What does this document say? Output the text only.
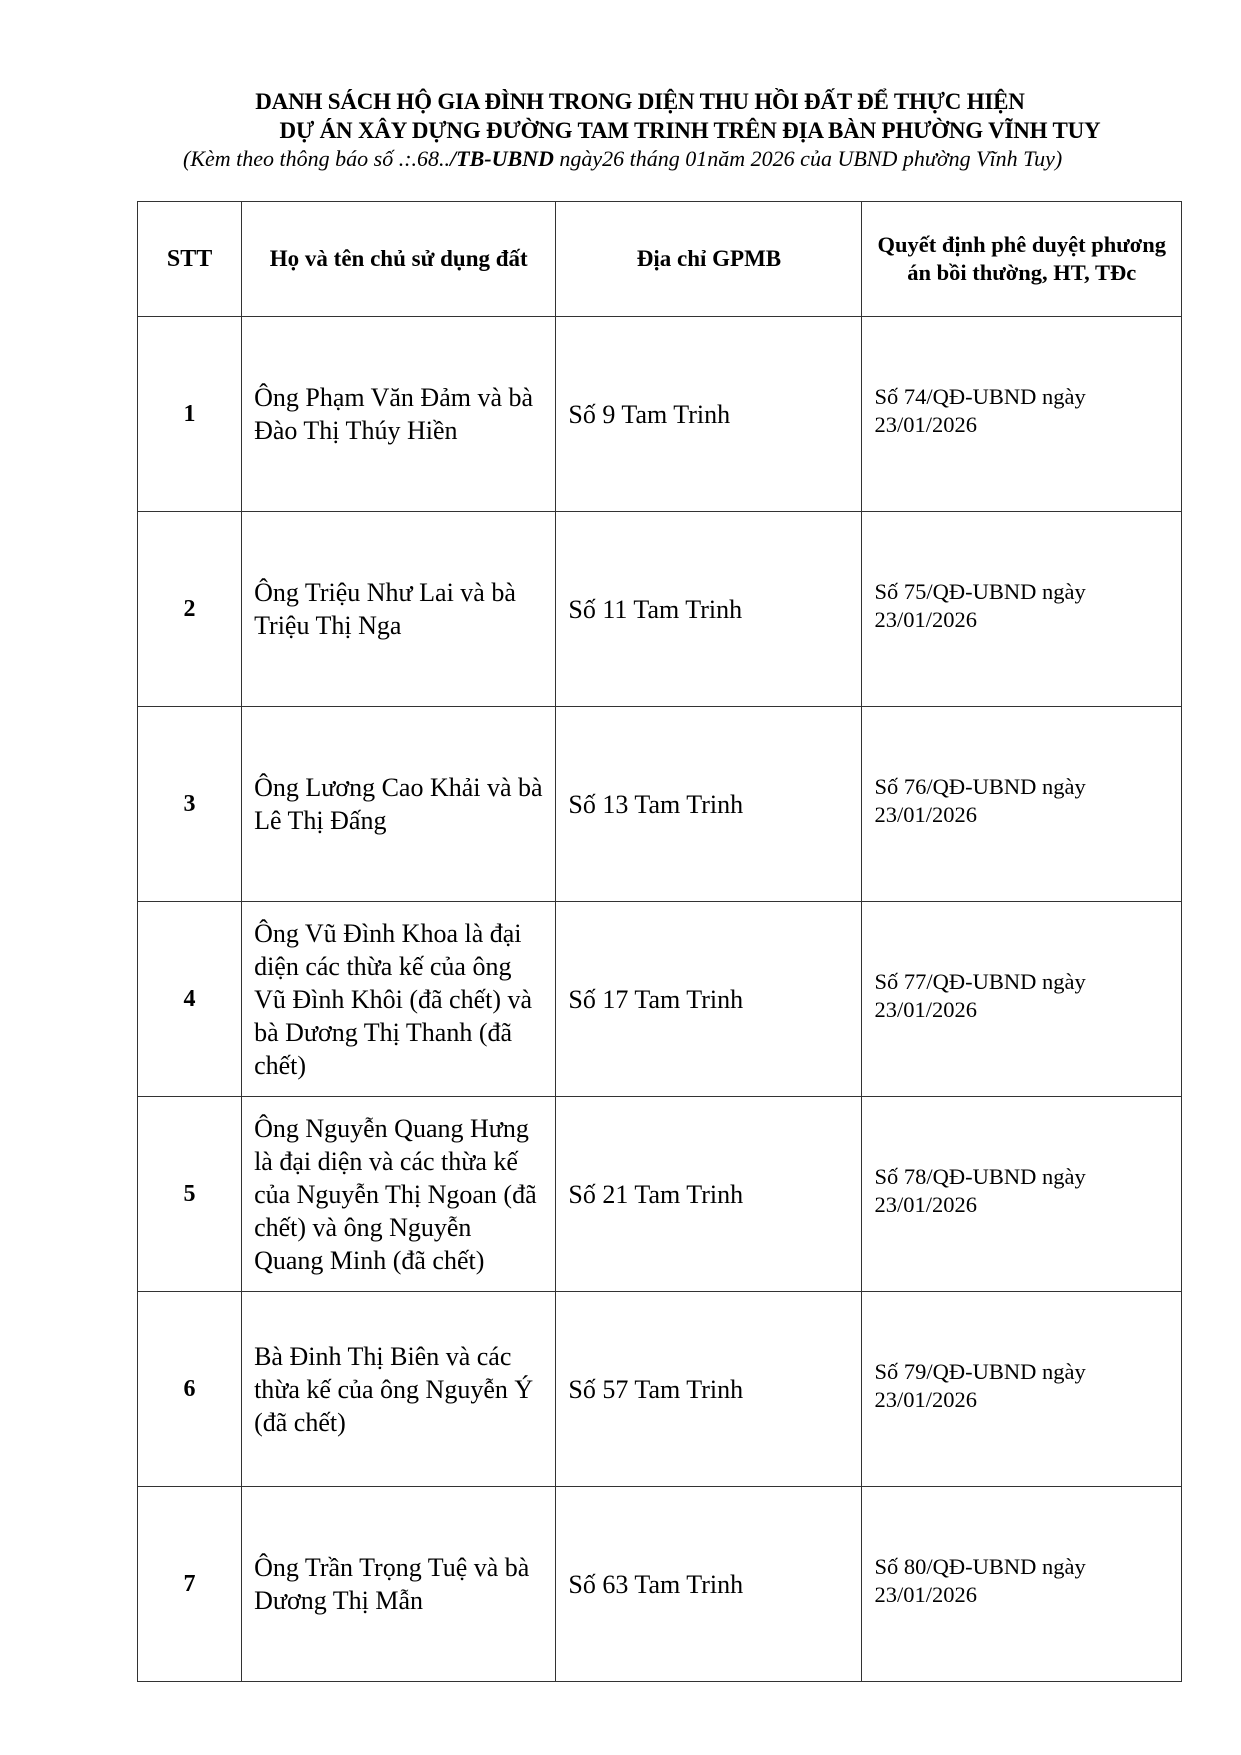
DANH SÁCH HỘ GIA ĐÌNH TRONG DIỆN THU HỒI ĐẤT ĐỂ THỰC HIỆN
DỰ ÁN XÂY DỰNG ĐƯỜNG TAM TRINH TRÊN ĐỊA BÀN PHƯỜNG VĨNH TUY
(Kèm theo thông báo số .:.68../TB-UBND ngày26 tháng 01năm 2026 của UBND phường Vĩnh Tuy)
STT	Họ và tên chủ sử dụng đất	Địa chỉ GPMB	Quyết định phê duyệt phương án bồi thường, HT, TĐc
1	Ông Phạm Văn Đảm và bà Đào Thị Thúy Hiền	Số 9 Tam Trinh	Số 74/QĐ-UBND ngày 23/01/2026
2	Ông Triệu Như Lai và bà Triệu Thị Nga	Số 11 Tam Trinh	Số 75/QĐ-UBND ngày 23/01/2026
3	Ông Lương Cao Khải và bà Lê Thị Đấng	Số 13 Tam Trinh	Số 76/QĐ-UBND ngày 23/01/2026
4	Ông Vũ Đình Khoa là đại diện các thừa kế của ông Vũ Đình Khôi (đã chết) và bà Dương Thị Thanh (đã chết)	Số 17 Tam Trinh	Số 77/QĐ-UBND ngày 23/01/2026
5	Ông Nguyễn Quang Hưng là đại diện và các thừa kế của Nguyễn Thị Ngoan (đã chết) và ông Nguyễn Quang Minh (đã chết)	Số 21 Tam Trinh	Số 78/QĐ-UBND ngày 23/01/2026
6	Bà Đinh Thị Biên và các thừa kế của ông Nguyễn Ý (đã chết)	Số 57 Tam Trinh	Số 79/QĐ-UBND ngày 23/01/2026
7	Ông Trần Trọng Tuệ và bà Dương Thị Mẫn	Số 63 Tam Trinh	Số 80/QĐ-UBND ngày 23/01/2026
